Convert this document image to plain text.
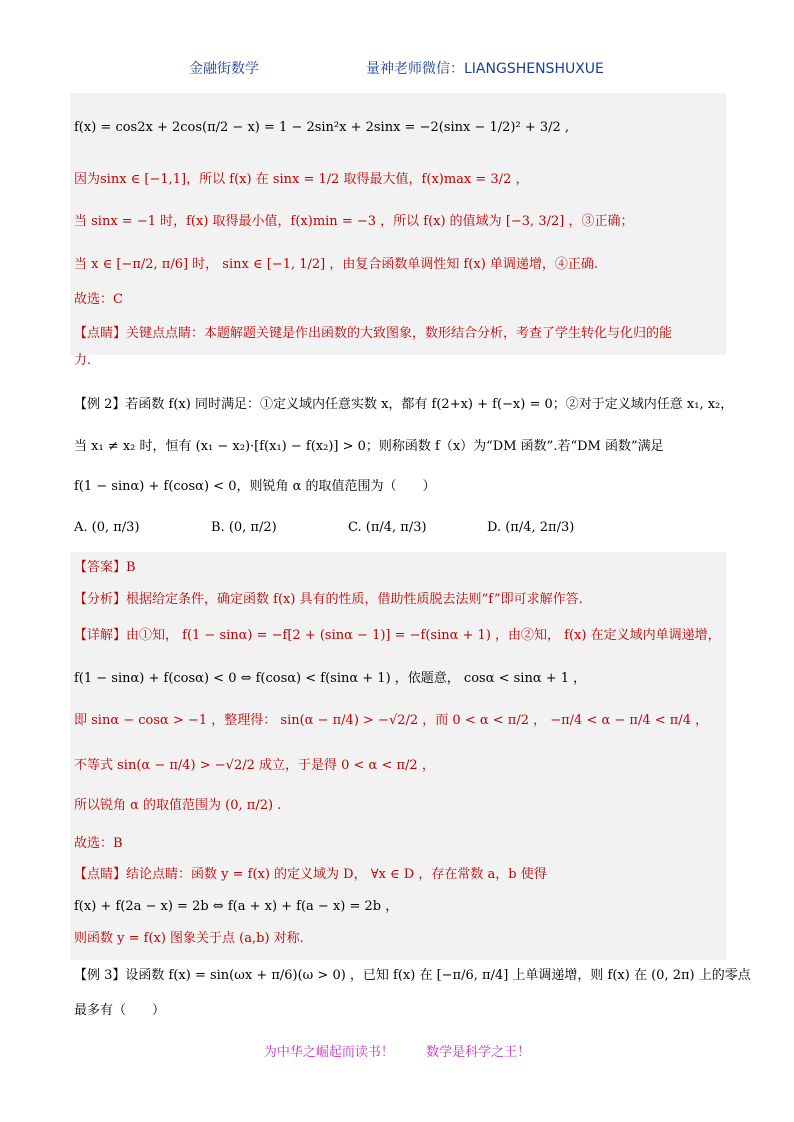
金融街数学	量神老师微信：LIANGSHENSHUXUE
f(x) = cos2x + 2cos(π/2 − x) = 1 − 2sin²x + 2sinx = −2(sinx − 1/2)² + 3/2 ,
因为sinx ∈ [−1,1]，所以 f(x) 在 sinx = 1/2 取得最大值，f(x)max = 3/2 ，
当 sinx = −1 时，f(x) 取得最小值，f(x)min = −3 ，所以 f(x) 的值域为 [−3, 3/2] ，③正确；
当 x ∈ [−π/2, π/6] 时， sinx ∈ [−1, 1/2] ，由复合函数单调性知 f(x) 单调递增，④正确.
故选：C
【点睛】关键点点睛：本题解题关键是作出函数的大致图象，数形结合分析，考查了学生转化与化归的能
力.
【例 2】若函数 f(x) 同时满足：①定义域内任意实数 x，都有 f(2+x) + f(−x) = 0；②对于定义域内任意 x₁, x₂，
当 x₁ ≠ x₂ 时，恒有 (x₁ − x₂)·[f(x₁) − f(x₂)] > 0；则称函数 f（x）为“DM 函数”.若“DM 函数”满足
f(1 − sinα) + f(cosα) < 0，则锐角 α 的取值范围为（　　）
A. (0, π/3)	B. (0, π/2)	C. (π/4, π/3)	D. (π/4, 2π/3)
【答案】B
【分析】根据给定条件，确定函数 f(x) 具有的性质，借助性质脱去法则“f”即可求解作答.
【详解】由①知， f(1 − sinα) = −f[2 + (sinα − 1)] = −f(sinα + 1) ，由②知， f(x) 在定义域内单调递增，
f(1 − sinα) + f(cosα) < 0 ⇔ f(cosα) < f(sinα + 1) ，依题意， cosα < sinα + 1 ，
即 sinα − cosα > −1 ，整理得： sin(α − π/4) > −√2/2 ，而 0 < α < π/2 ， −π/4 < α − π/4 < π/4 ，
不等式 sin(α − π/4) > −√2/2 成立，于是得 0 < α < π/2 ，
所以锐角 α 的取值范围为 (0, π/2) .
故选：B
【点睛】结论点睛：函数 y = f(x) 的定义域为 D， ∀x ∈ D ，存在常数 a，b 使得
f(x) + f(2a − x) = 2b ⇔ f(a + x) + f(a − x) = 2b ，
则函数 y = f(x) 图象关于点 (a,b) 对称.
【例 3】设函数 f(x) = sin(ωx + π/6)(ω > 0) ，已知 f(x) 在 [−π/6, π/4] 上单调递增，则 f(x) 在 (0, 2π) 上的零点
最多有（　　）
为中华之崛起而读书！ 数学是科学之王！
